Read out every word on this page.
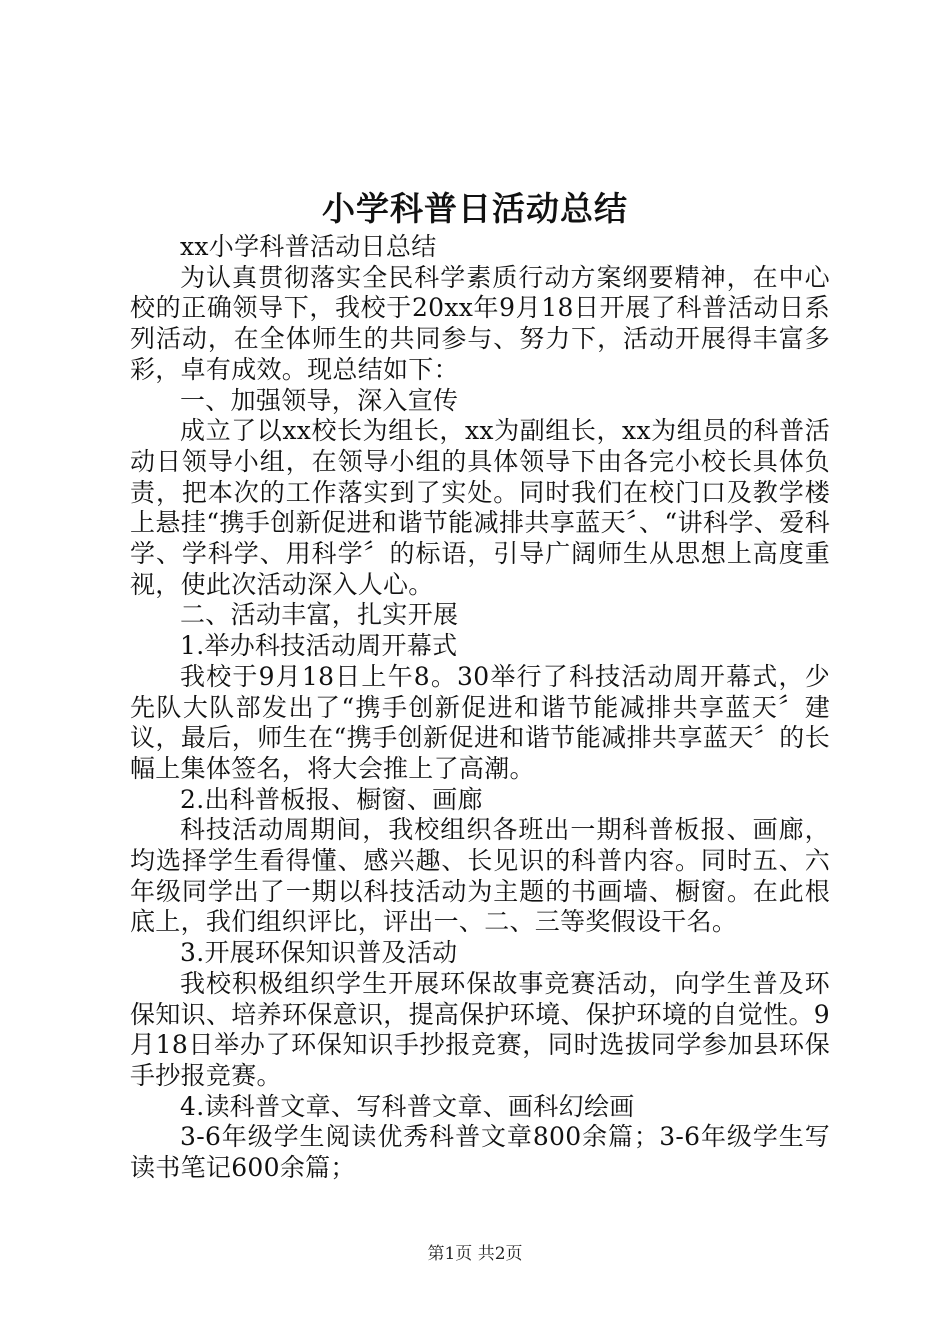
小学科普日活动总结

xx小学科普活动日总结

为认真贯彻落实全民科学素质行动方案纲要精神，在中心校的正确领导下，我校于20xx年9月18日开展了科普活动日系列活动，在全体师生的共同参与、努力下，活动开展得丰富多彩，卓有成效。现总结如下：

一、加强领导，深入宣传

成立了以xx校长为组长，xx为副组长，xx为组员的科普活动日领导小组，在领导小组的具体领导下由各完小校长具体负责，把本次的工作落实到了实处。同时我们在校门口及教学楼上悬挂“携手创新促进和谐节能减排共享蓝天〞、“讲科学、爱科学、学科学、用科学〞的标语，引导广阔师生从思想上高度重视，使此次活动深入人心。

二、活动丰富，扎实开展

1.举办科技活动周开幕式

我校于9月18日上午8。30举行了科技活动周开幕式，少先队大队部发出了“携手创新促进和谐节能减排共享蓝天〞建议，最后，师生在“携手创新促进和谐节能减排共享蓝天〞的长幅上集体签名，将大会推上了高潮。

2.出科普板报、橱窗、画廊

科技活动周期间，我校组织各班出一期科普板报、画廊，均选择学生看得懂、感兴趣、长见识的科普内容。同时五、六年级同学出了一期以科技活动为主题的书画墙、橱窗。在此根底上，我们组织评比，评出一、二、三等奖假设干名。

3.开展环保知识普及活动

我校积极组织学生开展环保故事竞赛活动，向学生普及环保知识、培养环保意识，提高保护环境、保护环境的自觉性。9月18日举办了环保知识手抄报竞赛，同时选拔同学参加县环保手抄报竞赛。

4.读科普文章、写科普文章、画科幻绘画

3-6年级学生阅读优秀科普文章800余篇；3-6年级学生写读书笔记600余篇；

第1页 共2页
